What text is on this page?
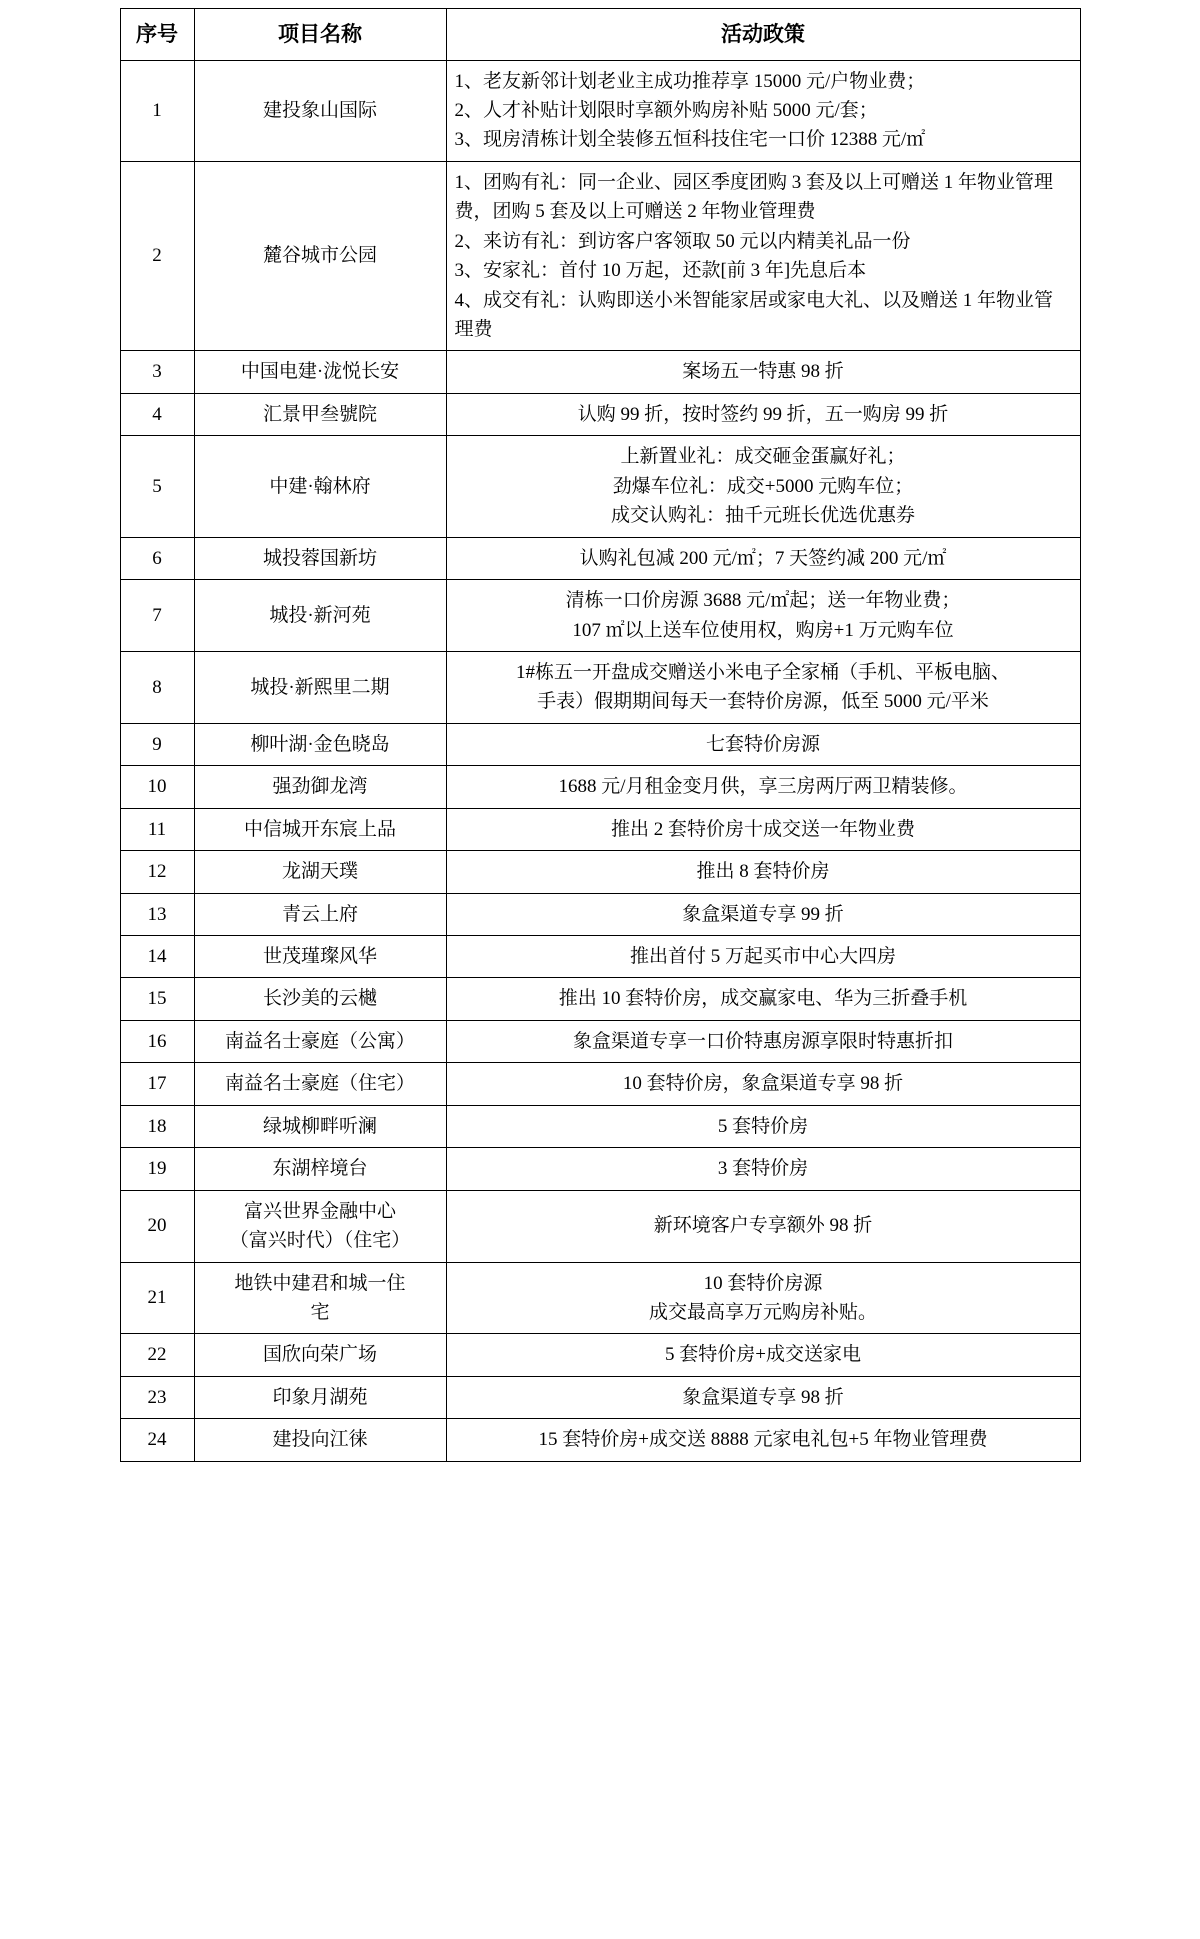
序号	项目名称	活动政策
1	建投象山国际	1、老友新邻计划老业主成功推荐享 15000 元/户物业费；
2、人才补贴计划限时享额外购房补贴 5000 元/套；
3、现房清栋计划全装修五恒科技住宅一口价 12388 元/㎡

2	麓谷城市公园	1、团购有礼：同一企业、园区季度团购 3 套及以上可赠送 1 年物业管理费，团购 5 套及以上可赠送 2 年物业管理费
2、来访有礼：到访客户客领取 50 元以内精美礼品一份
3、安家礼：首付 10 万起，还款[前 3 年]先息后本
4、成交有礼：认购即送小米智能家居或家电大礼、以及赠送 1 年物业管理费

3	中国电建·泷悦长安	案场五一特惠 98 折

4	汇景甲叁號院	认购 99 折，按时签约 99 折，五一购房 99 折

5	中建·翰林府	上新置业礼：成交砸金蛋赢好礼；
劲爆车位礼：成交+5000 元购车位；
成交认购礼：抽千元班长优选优惠券

6	城投蓉国新坊	认购礼包减 200 元/㎡；7 天签约减 200 元/㎡

7	城投·新河苑	清栋一口价房源 3688 元/㎡起；送一年物业费；
107 ㎡以上送车位使用权，购房+1 万元购车位

8	城投·新熙里二期	1#栋五一开盘成交赠送小米电子全家桶（手机、平板电脑、
手表）假期期间每天一套特价房源，低至 5000 元/平米

9	柳叶湖·金色晓岛	七套特价房源

10	强劲御龙湾	1688 元/月租金变月供，享三房两厅两卫精装修。

11	中信城开东宸上品	推出 2 套特价房十成交送一年物业费

12	龙湖天璞	推出 8 套特价房

13	青云上府	象盒渠道专享 99 折

14	世茂瑾璨风华	推出首付 5 万起买市中心大四房

15	长沙美的云樾	推出 10 套特价房，成交赢家电、华为三折叠手机

16	南益名士豪庭（公寓）	象盒渠道专享一口价特惠房源享限时特惠折扣

17	南益名士豪庭（住宅）	10 套特价房，象盒渠道专享 98 折

18	绿城柳畔听澜	5 套特价房

19	东湖梓境台	3 套特价房

20	富兴世界金融中心
（富兴时代）（住宅）	新环境客户专享额外 98 折

21	地铁中建君和城一住
宅	10 套特价房源
成交最高享万元购房补贴。

22	国欣向荣广场	5 套特价房+成交送家电

23	印象月湖苑	象盒渠道专享 98 折

24	建投向江徕	15 套特价房+成交送 8888 元家电礼包+5 年物业管理费
